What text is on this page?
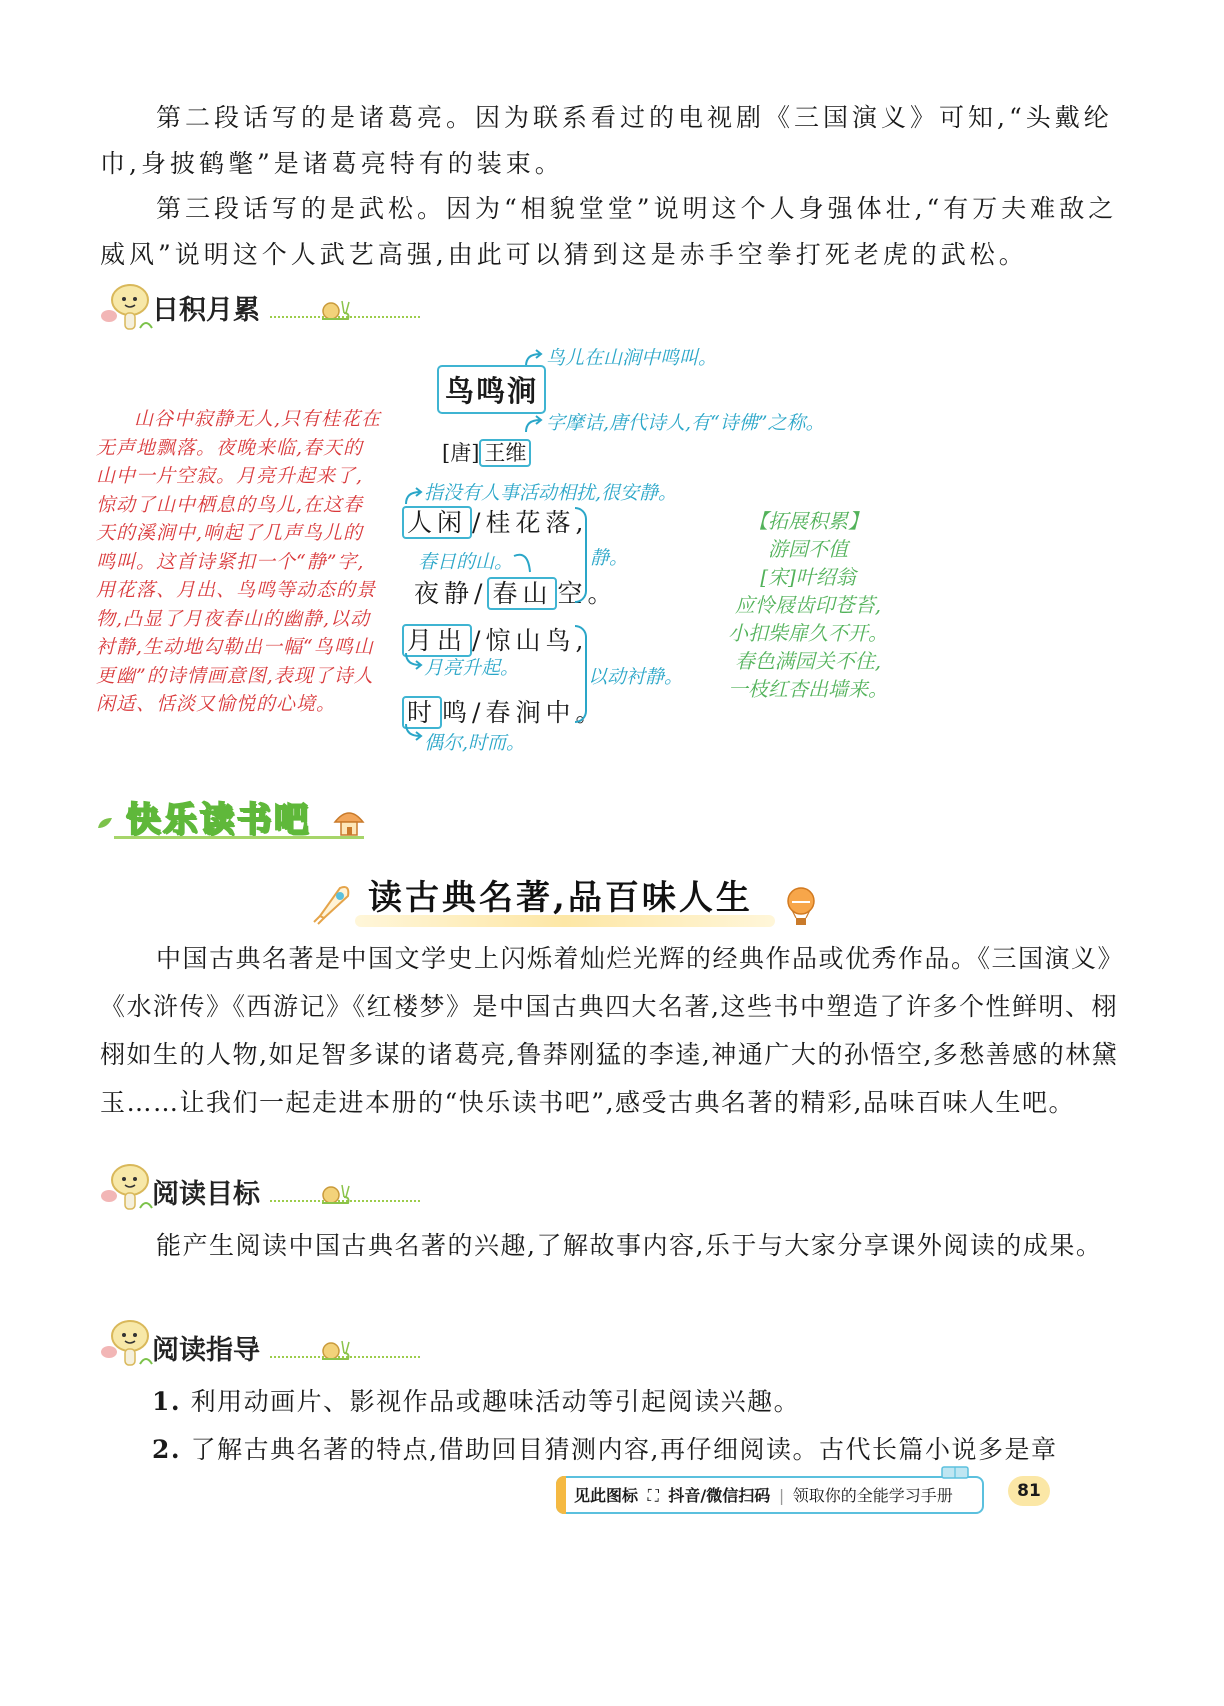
第二段话写的是诸葛亮。因为联系看过的电视剧《三国演义》可知,“头戴纶巾,身披鹤氅”是诸葛亮特有的装束。
第三段话写的是武松。因为“相貌堂堂”说明这个人身强体壮,“有万夫难敌之威风”说明这个人武艺高强,由此可以猜到这是赤手空拳打死老虎的武松。
日积月累
山谷中寂静无人,只有桂花在无声地飘落。夜晚来临,春天的山中一片空寂。月亮升起来了,惊动了山中栖息的鸟儿,在这春天的溪涧中,响起了几声鸟儿的鸣叫。这首诗紧扣一个“静”字,用花落、月出、鸟鸣等动态的景物,凸显了月夜春山的幽静,以动衬静,生动地勾勒出一幅“鸟鸣山更幽”的诗情画意图,表现了诗人闲适、恬淡又愉悦的心境。
鸟儿在山涧中鸣叫。
鸟鸣涧
字摩诘,唐代诗人,有“诗佛”之称。
[唐] 王维
指没有人事活动相扰,很安静。
人闲 /桂花落,
春日的山。
夜静/ 春山 空。
静。
月出 /惊山鸟,
月亮升起。
时 鸣/春涧中。
偶尔,时而。
以动衬静。
【拓展积累】
游园不值
[宋]叶绍翁
应怜屐齿印苍苔,
小扣柴扉久不开。
春色满园关不住,
一枝红杏出墙来。
快乐读书吧
读古典名著,品百味人生
中国古典名著是中国文学史上闪烁着灿烂光辉的经典作品或优秀作品。《三国演义》《水浒传》《西游记》《红楼梦》是中国古典四大名著,这些书中塑造了许多个性鲜明、栩栩如生的人物,如足智多谋的诸葛亮,鲁莽刚猛的李逵,神通广大的孙悟空,多愁善感的林黛玉……让我们一起走进本册的“快乐读书吧”,感受古典名著的精彩,品味百味人生吧。
阅读目标
能产生阅读中国古典名著的兴趣,了解故事内容,乐于与大家分享课外阅读的成果。
阅读指导
1. 利用动画片、影视作品或趣味活动等引起阅读兴趣。
2. 了解古典名著的特点,借助回目猜测内容,再仔细阅读。古代长篇小说多是章
见此图标 ⛶ 抖音/微信扫码 | 领取你的全能学习手册	81
